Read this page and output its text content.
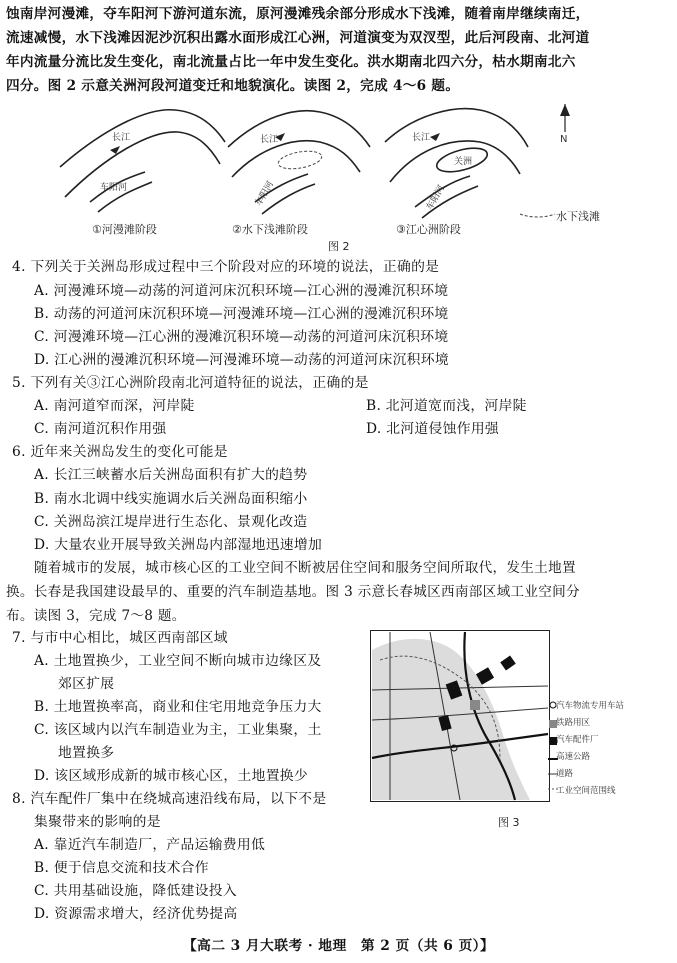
蚀南岸河漫滩，夺车阳河下游河道东流，原河漫滩残余部分形成水下浅滩，随着南岸继续南迁，
流速减慢，水下浅滩因泥沙沉积出露水面形成江心洲，河道演变为双汊型，此后河段南、北河道
年内流量分流比发生变化，南北流量占比一年中发生变化。洪水期南北四六分，枯水期南北六
四分。图 2 示意关洲河段河道变迁和地貌演化。读图 2，完成 4～6 题。
长江	长江	长江
车阳河	车阳河	车阳河
关洲
N
①河漫滩阶段	②水下浅滩阶段	③江心洲阶段
水下浅滩
图 2
4. 下列关于关洲岛形成过程中三个阶段对应的环境的说法，正确的是
A. 河漫滩环境—动荡的河道河床沉积环境—江心洲的漫滩沉积环境
B. 动荡的河道河床沉积环境—河漫滩环境—江心洲的漫滩沉积环境
C. 河漫滩环境—江心洲的漫滩沉积环境—动荡的河道河床沉积环境
D. 江心洲的漫滩沉积环境—河漫滩环境—动荡的河道河床沉积环境
5. 下列有关③江心洲阶段南北河道特征的说法，正确的是
A. 南河道窄而深，河岸陡	B. 北河道宽而浅，河岸陡
C. 南河道沉积作用强	D. 北河道侵蚀作用强
6. 近年来关洲岛发生的变化可能是
A. 长江三峡蓄水后关洲岛面积有扩大的趋势
B. 南水北调中线实施调水后关洲岛面积缩小
C. 关洲岛滨江堤岸进行生态化、景观化改造
D. 大量农业开展导致关洲岛内部湿地迅速增加
随着城市的发展，城市核心区的工业空间不断被居住空间和服务空间所取代，发生土地置
换。长春是我国建设最早的、重要的汽车制造基地。图 3 示意长春城区西南部区域工业空间分
布。读图 3，完成 7～8 题。
7. 与市中心相比，城区西南部区域
A. 土地置换少，工业空间不断向城市边缘区及
郊区扩展
B. 土地置换率高，商业和住宅用地竞争压力大
C. 该区域内以汽车制造业为主，工业集聚，土
地置换多
D. 该区域形成新的城市核心区，土地置换少
8. 汽车配件厂集中在绕城高速沿线布局，以下不是
集聚带来的影响的是
A. 靠近汽车制造厂，产品运输费用低
B. 便于信息交流和技术合作
C. 共用基础设施，降低建设投入
D. 资源需求增大，经济优势提高
汽车物流专用车站
铁路用区
汽车配件厂
高速公路
道路
工业空间范围线
图 3
【高二 3 月大联考 · 地理　第 2 页（共 6 页）】
